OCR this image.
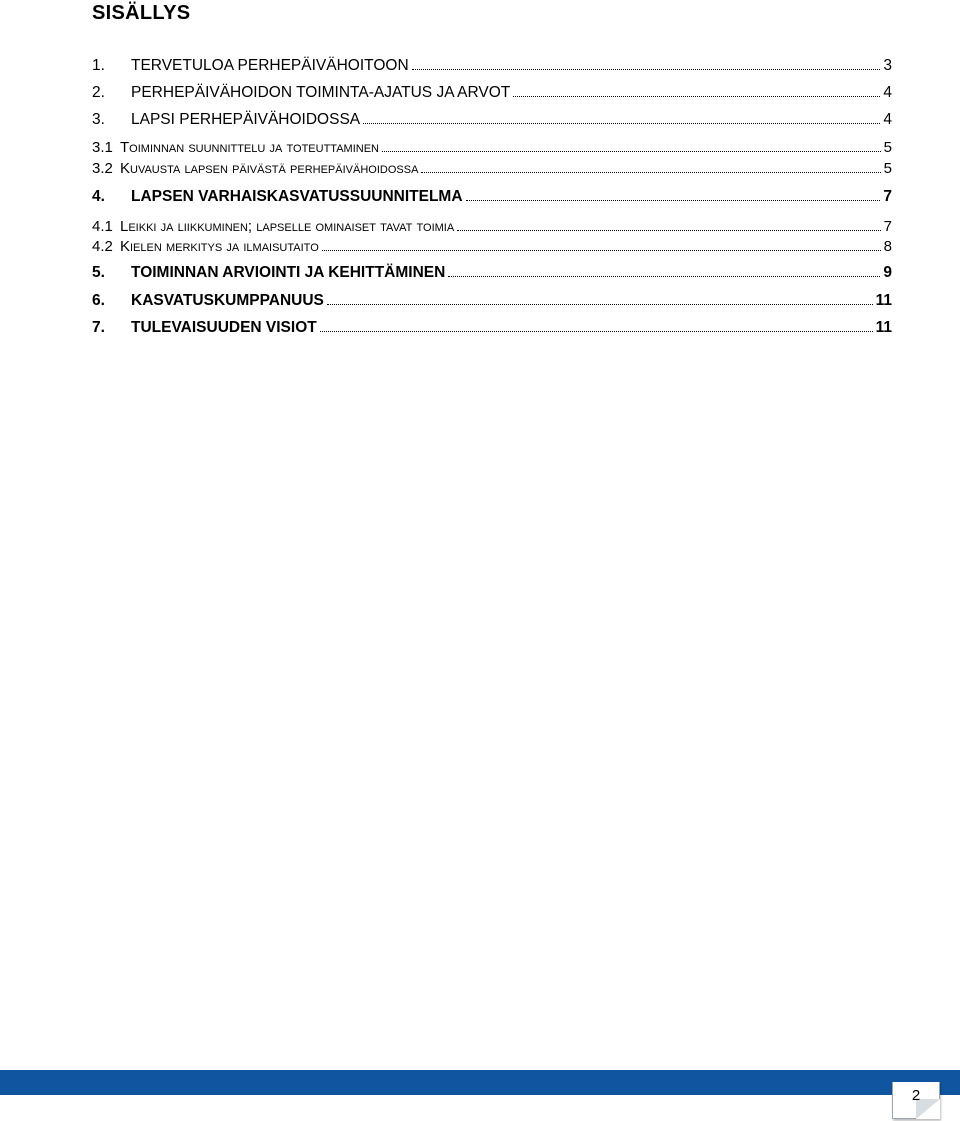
SISÄLLYS
1.	TERVETULOA PERHEPÄIVÄHOITOON	3
2.	PERHEPÄIVÄHOIDON TOIMINTA-AJATUS JA ARVOT	4
3.	LAPSI PERHEPÄIVÄHOIDOSSA	4
3.1 Toiminnan suunnittelu ja toteuttaminen	5
3.2 Kuvausta lapsen päivästä perhepäivähoidossa	5
4.	LAPSEN VARHAISKASVATUSSUUNNITELMA	7
4.1 Leikki ja liikkuminen; lapselle ominaiset tavat toimia	7
4.2 Kielen merkitys ja ilmaisutaito	8
5.	TOIMINNAN ARVIOINTI JA KEHITTÄMINEN	9
6.	KASVATUSKUMPPANUUS	11
7.	TULEVAISUUDEN VISIOT	11
2
